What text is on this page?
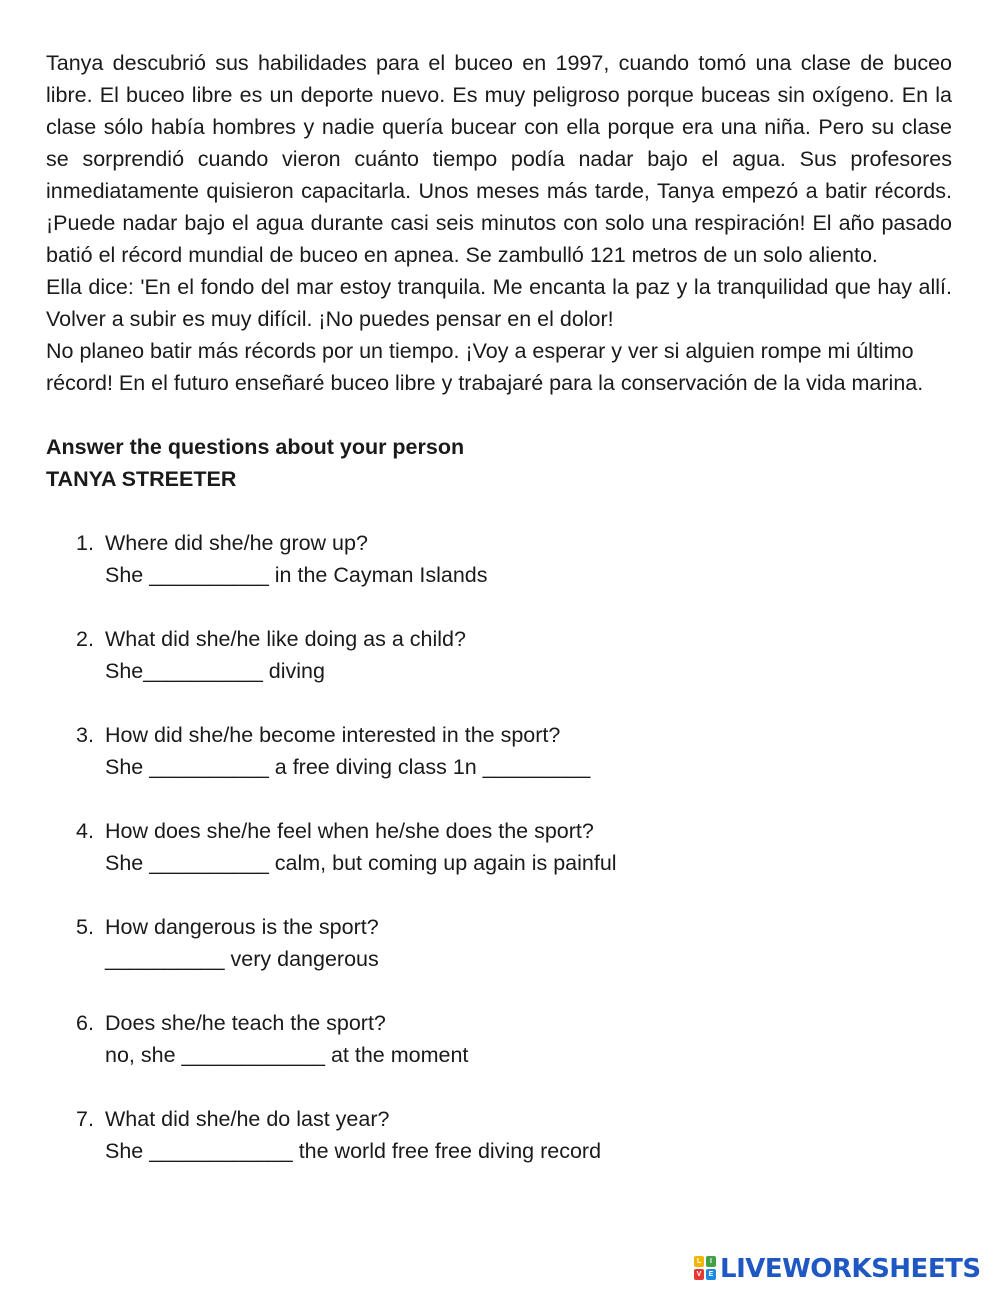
Tanya descubrió sus habilidades para el buceo en 1997, cuando tomó una clase de buceo libre. El buceo libre es un deporte nuevo. Es muy peligroso porque buceas sin oxígeno. En la clase sólo había hombres y nadie quería bucear con ella porque era una niña. Pero su clase se sorprendió cuando vieron cuánto tiempo podía nadar bajo el agua. Sus profesores inmediatamente quisieron capacitarla. Unos meses más tarde, Tanya empezó a batir récords. ¡Puede nadar bajo el agua durante casi seis minutos con solo una respiración! El año pasado batió el récord mundial de buceo en apnea. Se zambulló 121 metros de un solo aliento.

Ella dice: 'En el fondo del mar estoy tranquila. Me encanta la paz y la tranquilidad que hay allí. Volver a subir es muy difícil. ¡No puedes pensar en el dolor!

No planeo batir más récords por un tiempo. ¡Voy a esperar y ver si alguien rompe mi último récord! En el futuro enseñaré buceo libre y trabajaré para la conservación de la vida marina.

Answer the questions about your person
TANYA STREETER
1. Where did she/he grow up?
She __________ in the Cayman Islands
2. What did she/he like doing as a child?
She__________ diving
3. How did she/he become interested in the sport?
She __________ a free diving class 1n _________
4. How does she/he feel when he/she does the sport?
She __________ calm, but coming up again is painful
5. How dangerous is the sport?
__________ very dangerous
6. Does she/he teach the sport?
no, she ____________ at the moment
7. What did she/he do last year?
She ____________ the world free free diving record
L	I
V	E LIVEWORKSHEETS
